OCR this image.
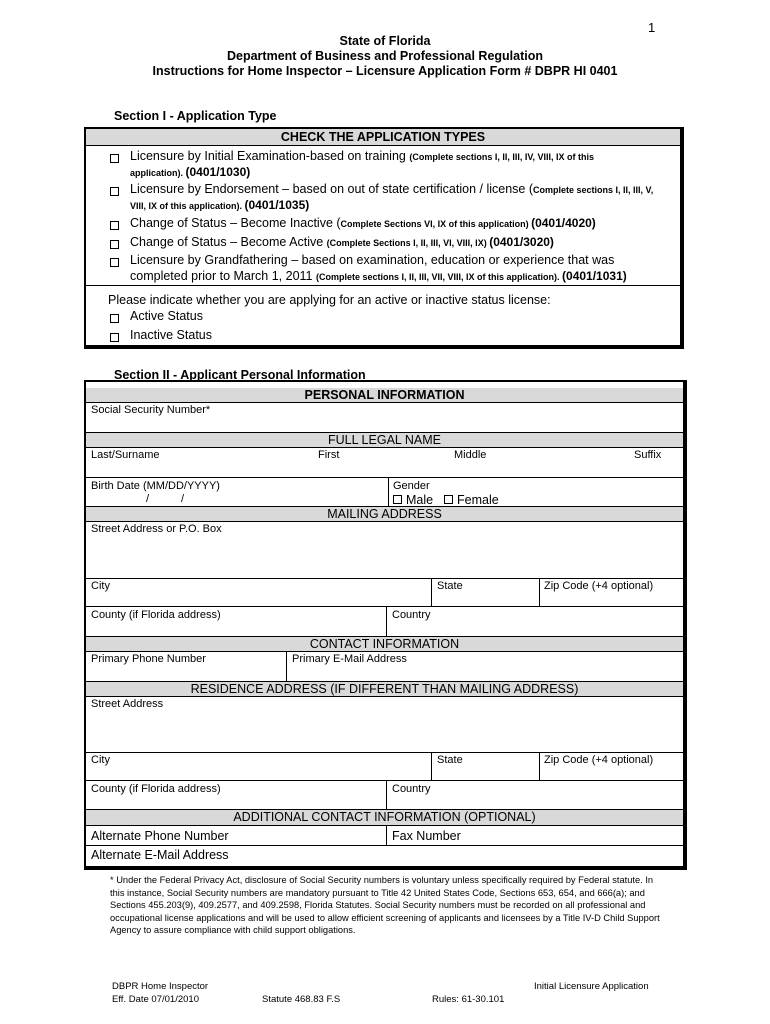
1
State of Florida
Department of Business and Professional Regulation
Instructions for Home Inspector – Licensure Application Form # DBPR HI 0401
Section I - Application Type
CHECK THE APPLICATION TYPES
Licensure by Initial Examination-based on training (Complete sections I, II, III, IV, VIII, IX of this
application). (0401/1030)
Licensure by Endorsement – based on out of state certification / license (Complete sections I, II, III, V,
VIII, IX of this application). (0401/1035)
Change of Status – Become Inactive (Complete Sections VI, IX of this application) (0401/4020)
Change of Status – Become Active (Complete Sections I, II, III, VI, VIII, IX) (0401/3020)
Licensure by Grandfathering – based on examination, education or experience that was
completed prior to March 1, 2011 (Complete sections I, II, III, VII, VIII, IX of this application). (0401/1031)
Please indicate whether you are applying for an active or inactive status license:
Active Status
Inactive Status
Section II - Applicant Personal Information
PERSONAL INFORMATION
Social Security Number*
FULL LEGAL NAME
Last/Surname	First	Middle	Suffix
Birth Date (MM/DD/YYYY)
/	/
Gender
Male	Female
MAILING ADDRESS
Street Address or P.O. Box
City	State	Zip Code (+4 optional)
County (if Florida address)	Country
CONTACT INFORMATION
Primary Phone Number	Primary E-Mail Address
RESIDENCE ADDRESS (IF DIFFERENT THAN MAILING ADDRESS)
Street Address
City	State	Zip Code (+4 optional)
County (if Florida address)	Country
ADDITIONAL CONTACT INFORMATION (OPTIONAL)
Alternate Phone Number	Fax Number
Alternate E-Mail Address
* Under the Federal Privacy Act, disclosure of Social Security numbers is voluntary unless specifically required by Federal statute. In this instance, Social Security numbers are mandatory pursuant to Title 42 United States Code, Sections 653, 654, and 666(a); and Sections 455.203(9), 409.2577, and 409.2598, Florida Statutes. Social Security numbers must be recorded on all professional and occupational license applications and will be used to allow efficient screening of applicants and licensees by a Title IV-D Child Support Agency to assure compliance with child support obligations.
DBPR Home Inspector
Eff. Date 07/01/2010	Statute 468.83 F.S	Rules: 61-30.101
Initial Licensure Application
